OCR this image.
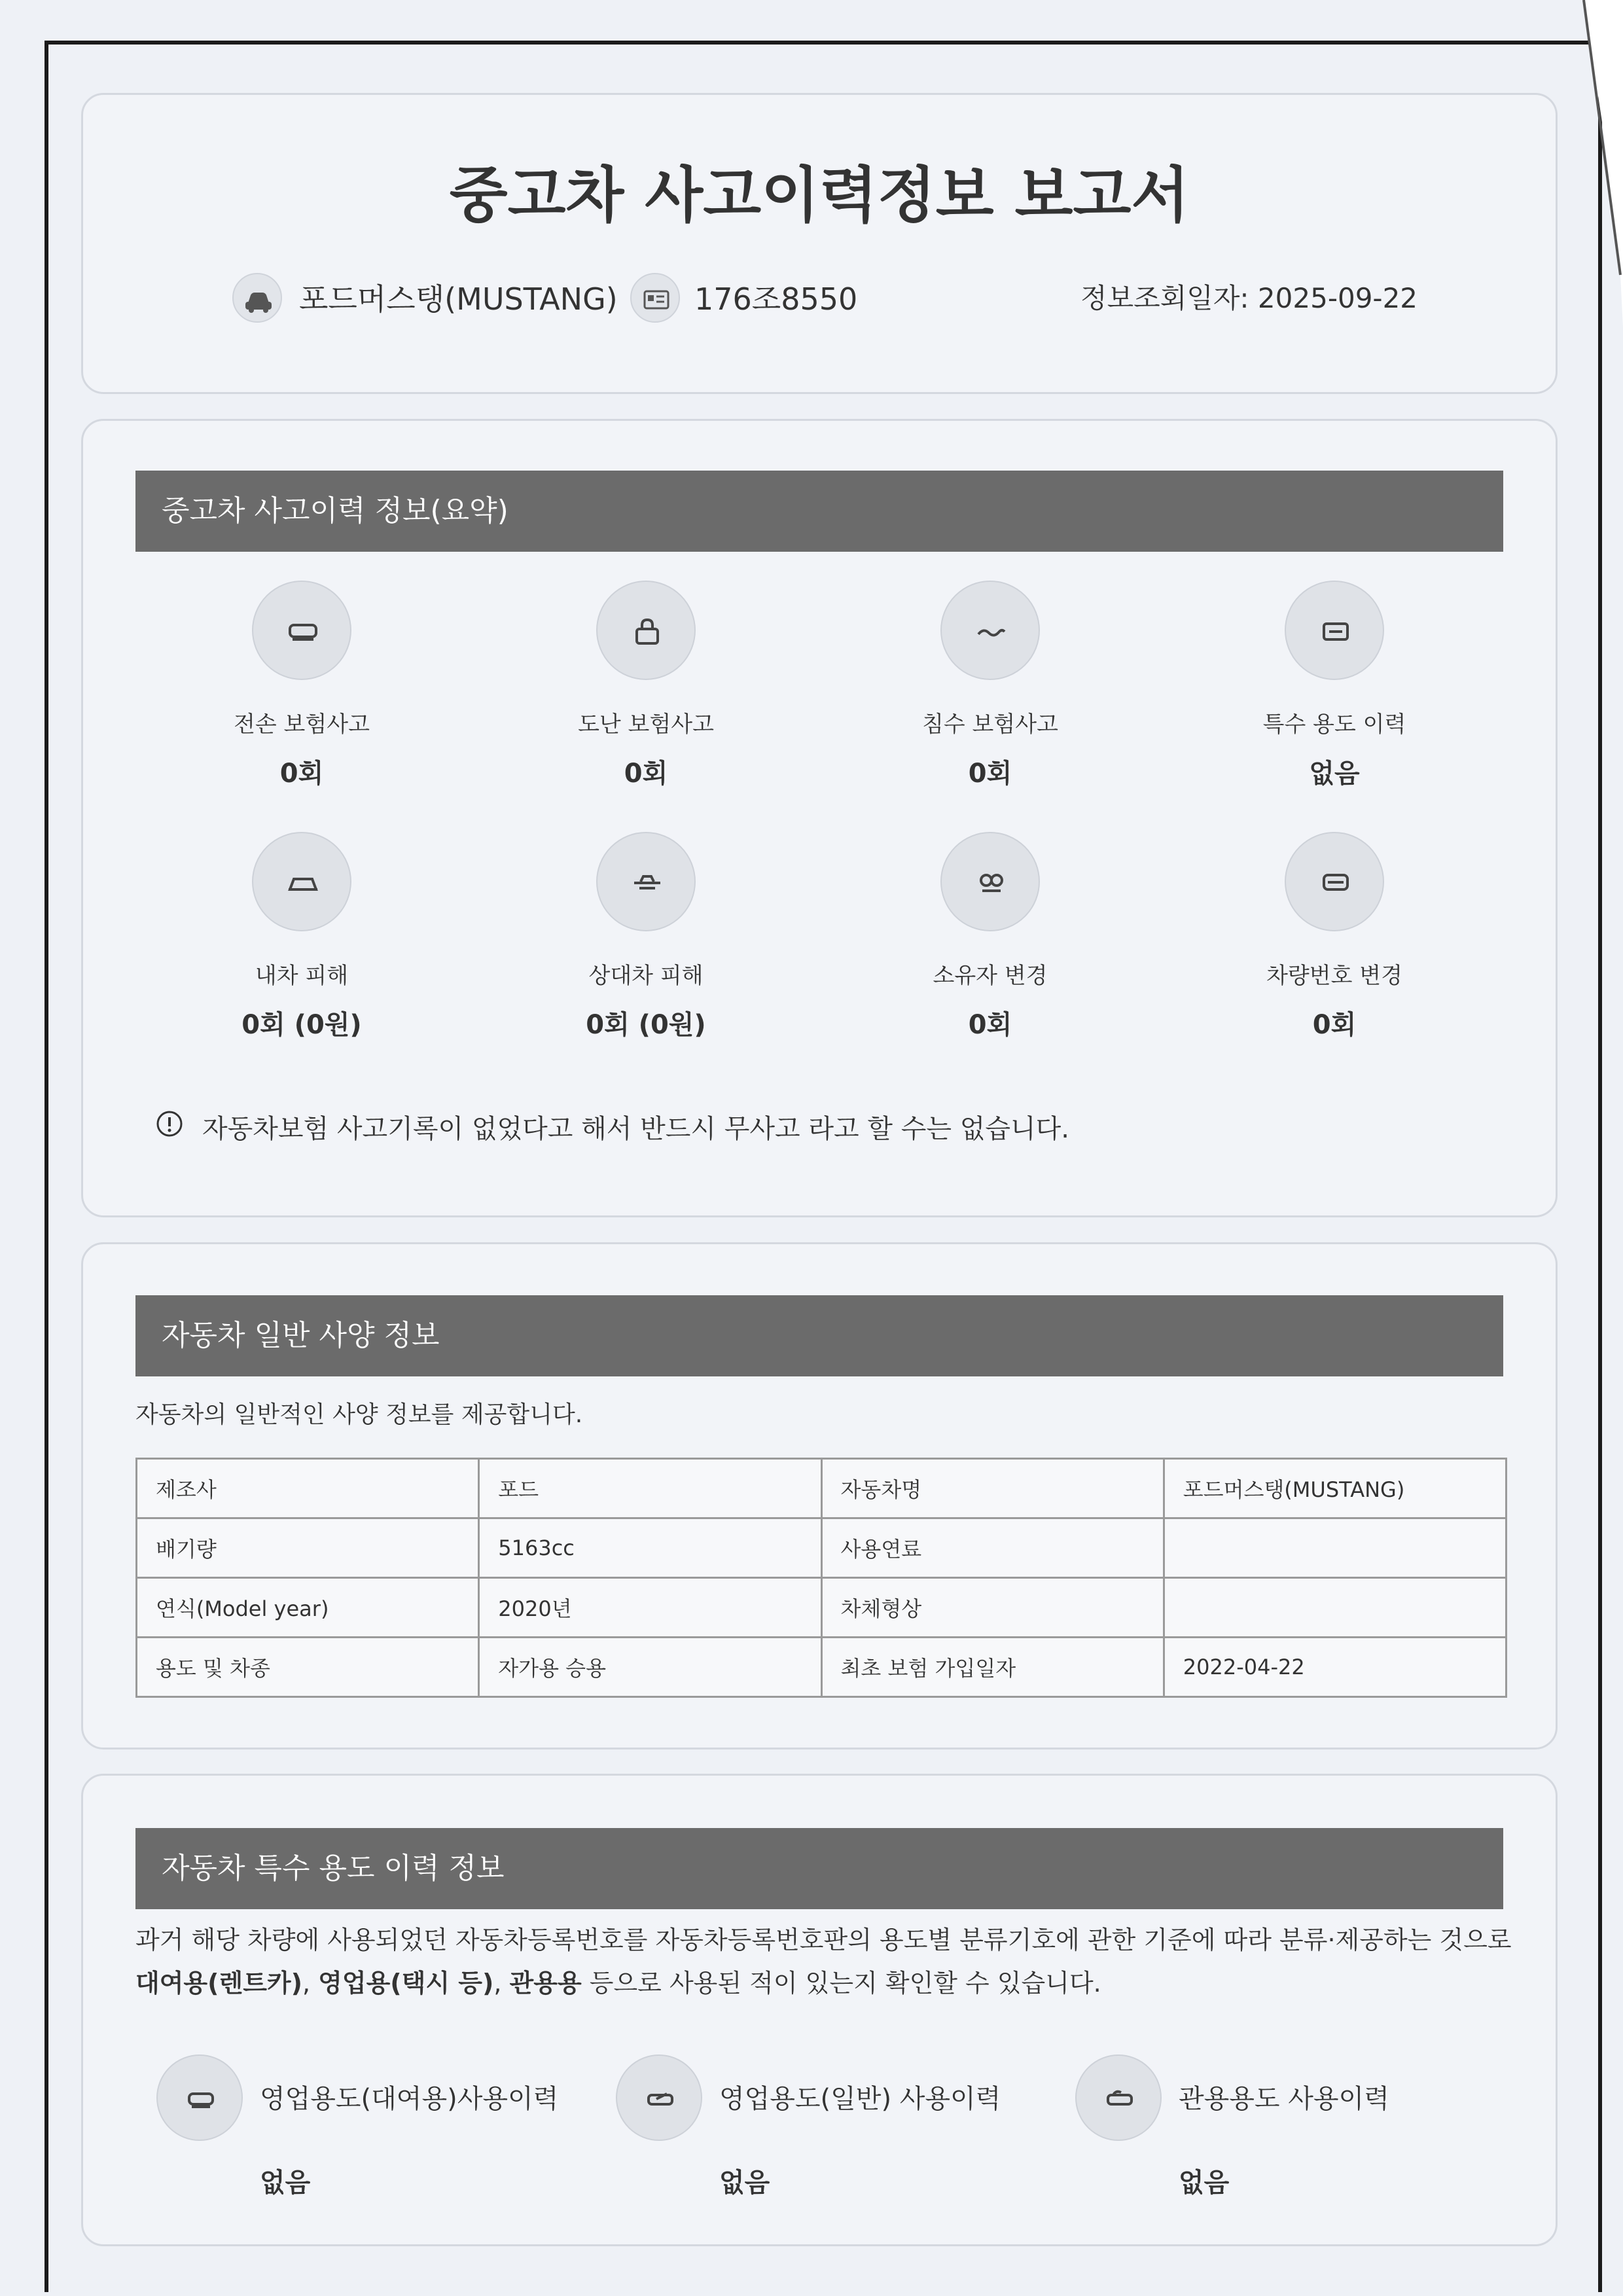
중고차 사고이력정보 보고서
포드머스탱(MUSTANG)	176조8550	정보조회일자: 2025-09-22
중고차 사고이력 정보(요약)
전손 보험사고
0회
도난 보험사고
0회
침수 보험사고
0회
특수 용도 이력
없음
내차 피해
0회 (0원)
상대차 피해
0회 (0원)
소유자 변경
0회
차량번호 변경
0회
자동차보험 사고기록이 없었다고 해서 반드시 무사고 라고 할 수는 없습니다.
자동차 일반 사양 정보
자동차의 일반적인 사양 정보를 제공합니다.
제조사	포드	자동차명	포드머스탱(MUSTANG)
배기량	5163cc	사용연료	
연식(Model year)	2020년	차체형상	
용도 및 차종	자가용 승용	최초 보험 가입일자	2022-04-22
자동차 특수 용도 이력 정보
과거 해당 차량에 사용되었던 자동차등록번호를 자동차등록번호판의 용도별 분류기호에 관한 기준에 따라 분류·제공하는 것으로
대여용(렌트카), 영업용(택시 등), 관용용 등으로 사용된 적이 있는지 확인할 수 있습니다.
영업용도(대여용)사용이력
없음
영업용도(일반) 사용이력
없음
관용용도 사용이력
없음
